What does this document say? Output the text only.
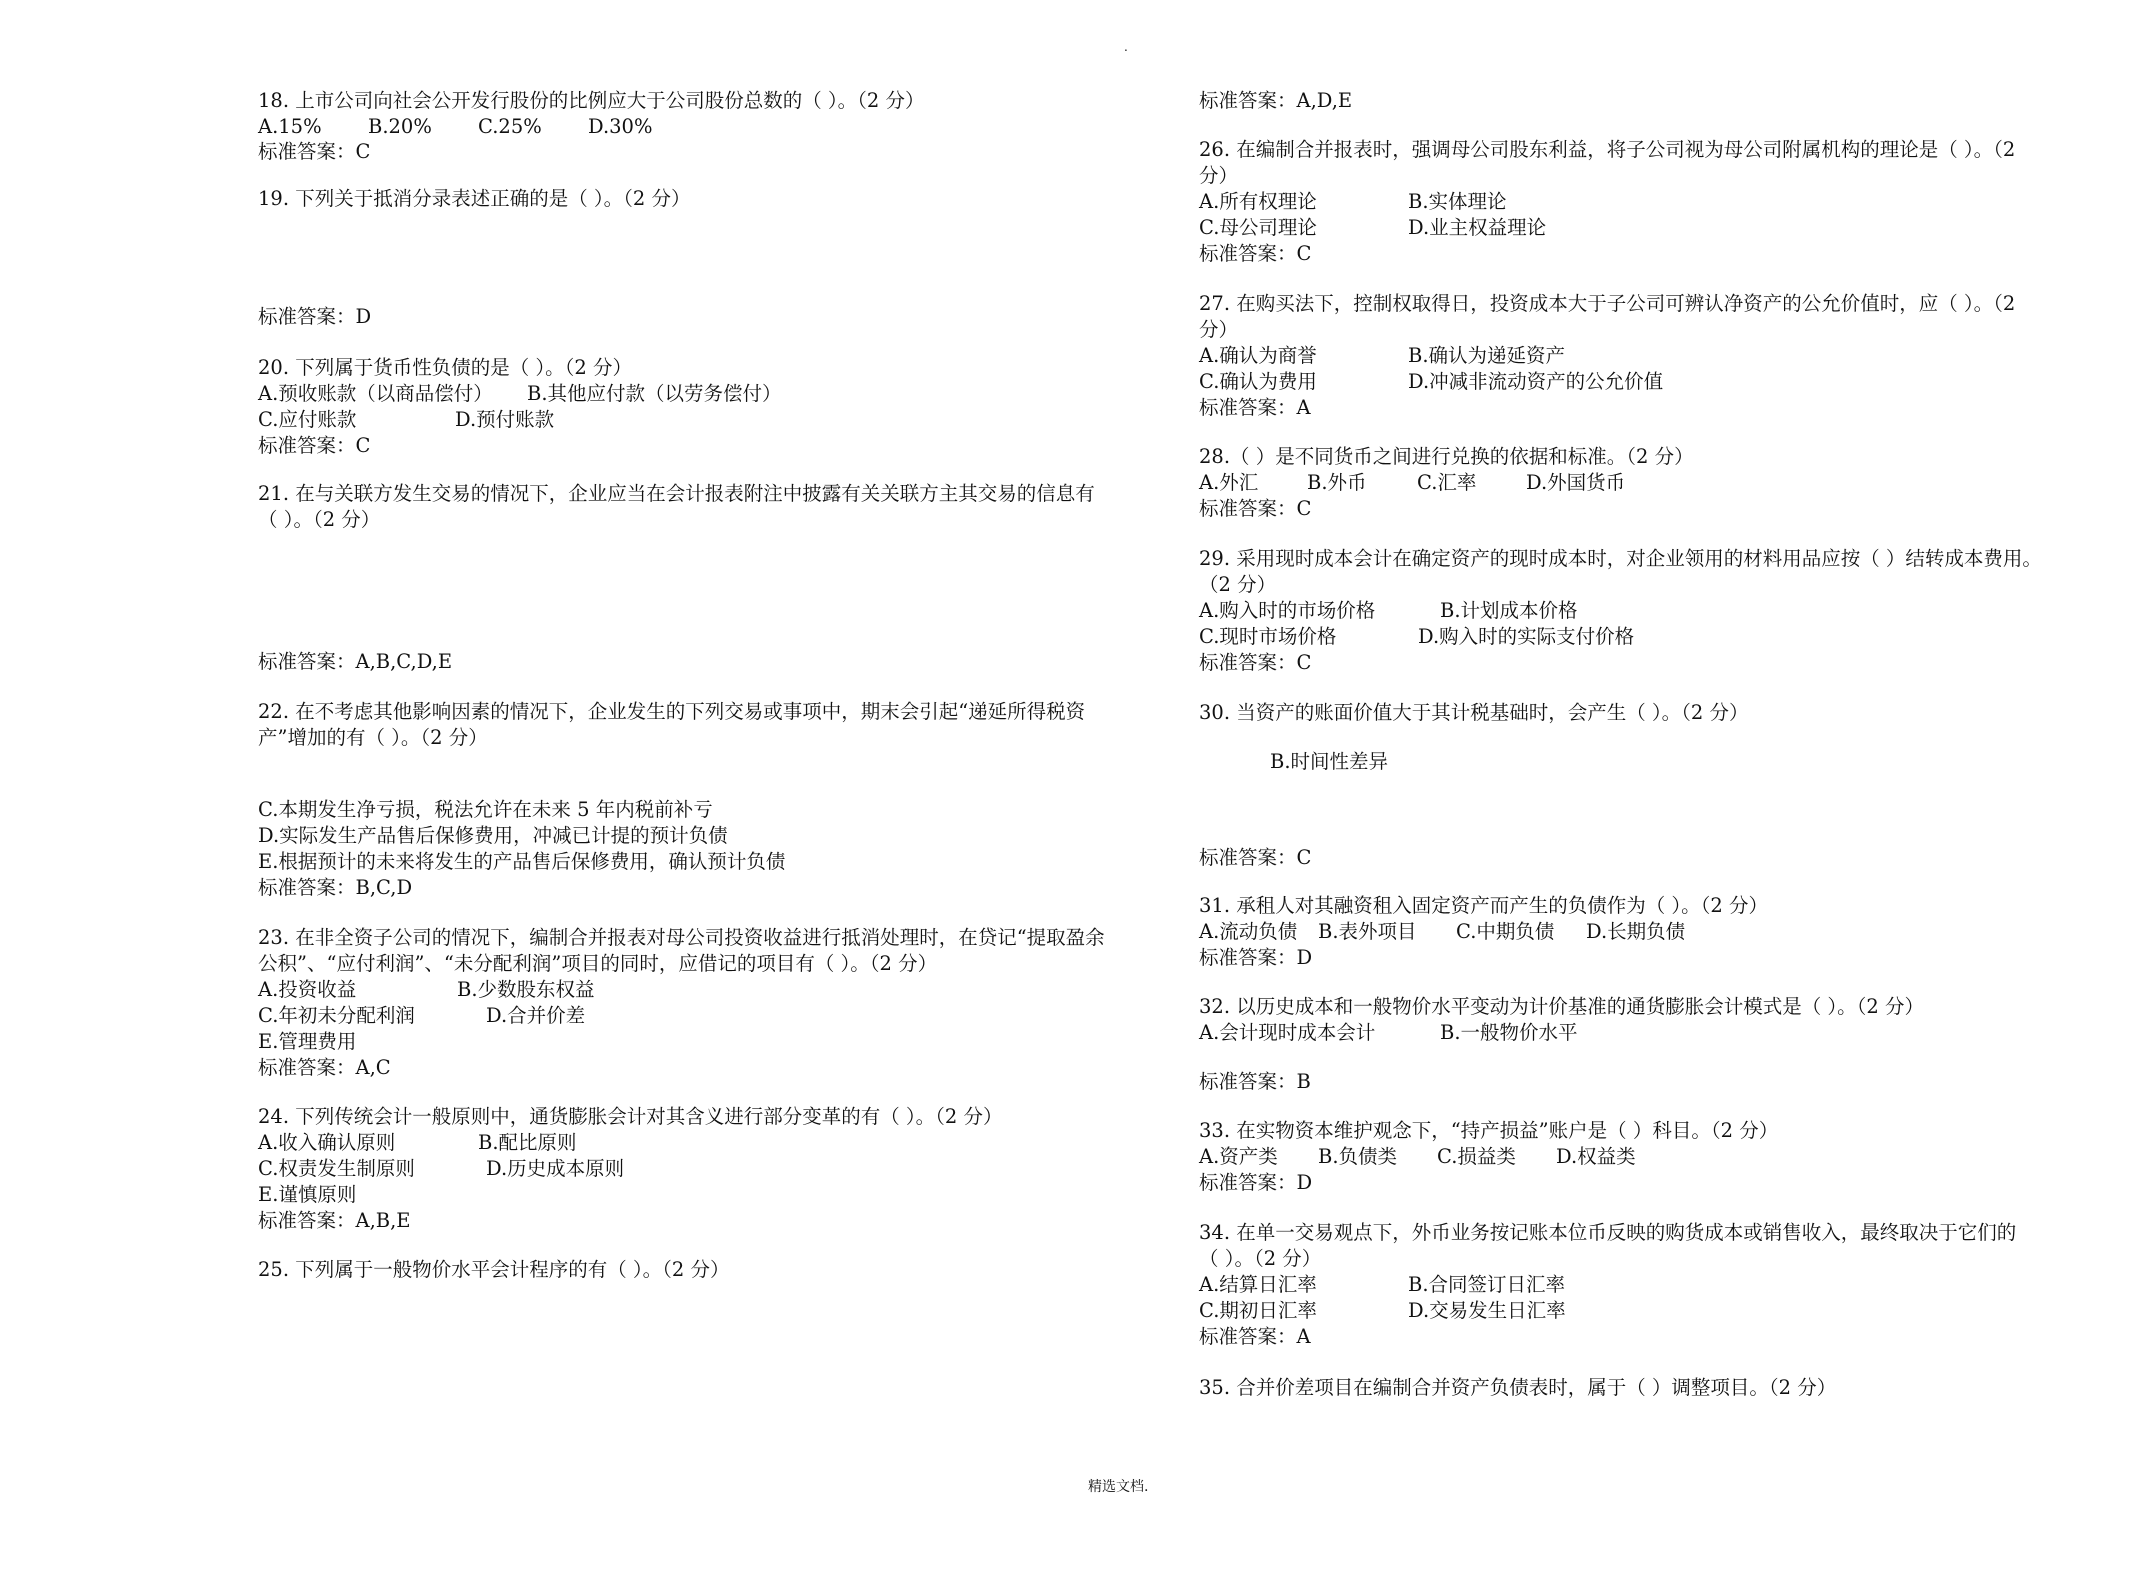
.
18. 上市公司向社会公开发行股份的比例应大于公司股份总数的（ ）。（2 分）
A.15% B.20% C.25% D.30%
标准答案：C
19. 下列关于抵消分录表述正确的是（ ）。（2 分）
标准答案：D
20. 下列属于货币性负债的是（ ）。（2 分）
A.预收账款（以商品偿付） B.其他应付款（以劳务偿付）
C.应付账款	D.预付账款
标准答案：C
21. 在与关联方发生交易的情况下，企业应当在会计报表附注中披露有关关联方主其交易的信息有
（ ）。（2 分）
标准答案：A,B,C,D,E
22. 在不考虑其他影响因素的情况下，企业发生的下列交易或事项中，期末会引起“递延所得税资
产”增加的有（ ）。（2 分）
C.本期发生净亏损，税法允许在未来 5 年内税前补亏
D.实际发生产品售后保修费用，冲减已计提的预计负债
E.根据预计的未来将发生的产品售后保修费用，确认预计负债
标准答案：B,C,D
23. 在非全资子公司的情况下，编制合并报表对母公司投资收益进行抵消处理时，在贷记“提取盈余
公积”、“应付利润”、“未分配利润”项目的同时，应借记的项目有（ ）。（2 分）
A.投资收益	B.少数股东权益
C.年初未分配利润	D.合并价差
E.管理费用
标准答案：A,C
24. 下列传统会计一般原则中，通货膨胀会计对其含义进行部分变革的有（ ）。（2 分）
A.收入确认原则	B.配比原则
C.权责发生制原则	D.历史成本原则
E.谨慎原则
标准答案：A,B,E
25. 下列属于一般物价水平会计程序的有（ ）。（2 分）
标准答案：A,D,E
26. 在编制合并报表时，强调母公司股东利益，将子公司视为母公司附属机构的理论是（ ）。（2
分）
A.所有权理论	B.实体理论
C.母公司理论	D.业主权益理论
标准答案：C
27. 在购买法下，控制权取得日，投资成本大于子公司可辨认净资产的公允价值时，应（ ）。（2
分）
A.确认为商誉	B.确认为递延资产
C.确认为费用	D.冲减非流动资产的公允价值
标准答案：A
28.（ ）是不同货币之间进行兑换的依据和标准。（2 分）
A.外汇 B.外币	C.汇率	D.外国货币
标准答案：C
29. 采用现时成本会计在确定资产的现时成本时，对企业领用的材料用品应按（ ）结转成本费用。
（2 分）
A.购入时的市场价格	B.计划成本价格
C.现时市场价格	D.购入时的实际支付价格
标准答案：C
30. 当资产的账面价值大于其计税基础时，会产生（ ）。（2 分）
B.时间性差异
标准答案：C
31. 承租人对其融资租入固定资产而产生的负债作为（ ）。（2 分）
A.流动负债 B.表外项目 C.中期负债 D.长期负债
标准答案：D
32. 以历史成本和一般物价水平变动为计价基准的通货膨胀会计模式是（ ）。（2 分）
A.会计现时成本会计	B.一般物价水平
标准答案：B
33. 在实物资本维护观念下，“持产损益”账户是（ ）科目。（2 分）
A.资产类 B.负债类 C.损益类 D.权益类
标准答案：D
34. 在单一交易观点下，外币业务按记账本位币反映的购货成本或销售收入，最终取决于它们的
（ ）。（2 分）
A.结算日汇率	B.合同签订日汇率
C.期初日汇率	D.交易发生日汇率
标准答案：A
35. 合并价差项目在编制合并资产负债表时，属于（ ）调整项目。（2 分）
精选文档.
